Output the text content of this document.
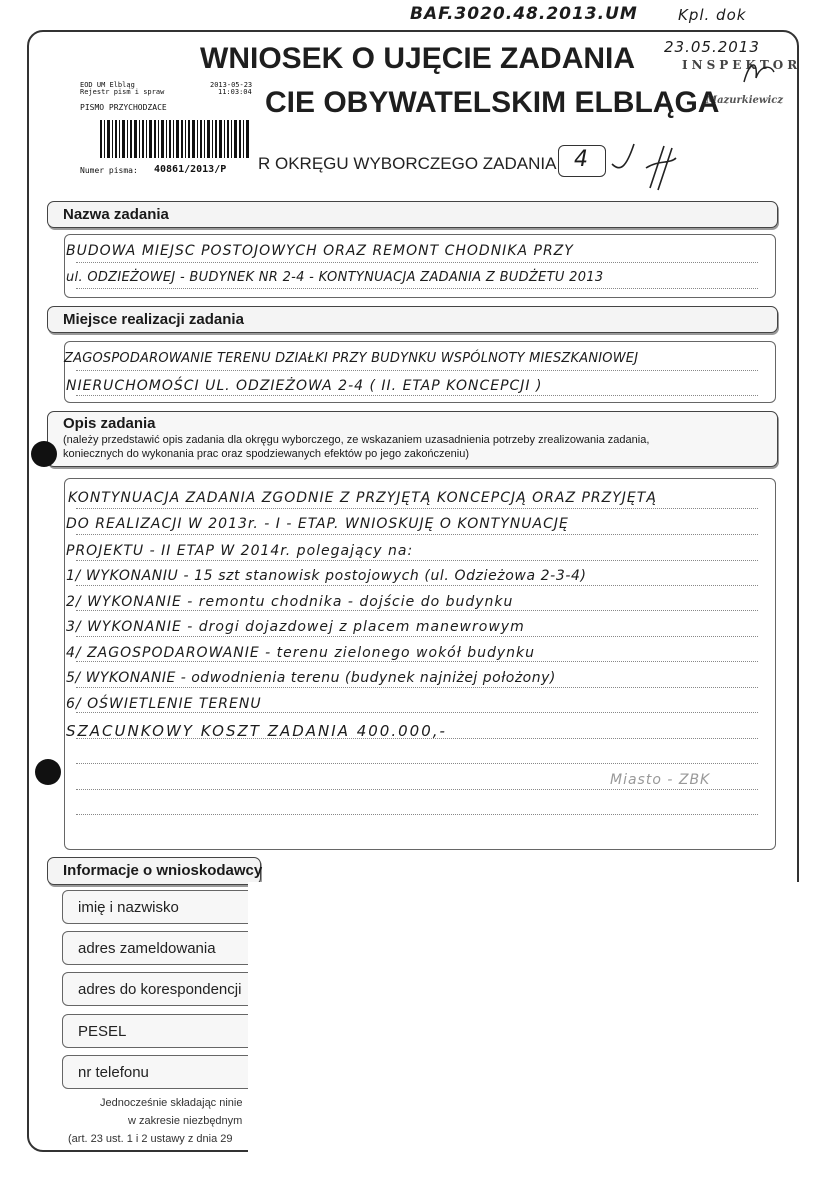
BAF.3020.48.2013.UM	Kpl. dok
23.05.2013
INSPEKTOR
Mazurkiewicz
WNIOSEK O UJĘCIE ZADANIA
CIE OBYWATELSKIM ELBLĄGA
EOD UM Elbląg
Rejestr pism i spraw
2013-05-23
11:03:04
PISMO PRZYCHODZACE
Numer pisma: 40861/2013/P R OKRĘGU WYBORCZEGO ZADANIA 4
Nazwa zadania
BUDOWA MIEJSC POSTOJOWYCH ORAZ REMONT CHODNIKA PRZY
ul. ODZIEŻOWEJ - BUDYNEK NR 2-4 - KONTYNUACJA ZADANIA Z BUDŻETU 2013
Miejsce realizacji zadania
ZAGOSPODAROWANIE TERENU DZIAŁKI PRZY BUDYNKU WSPÓLNOTY MIESZKANIOWEJ
NIERUCHOMOŚCI UL. ODZIEŻOWA 2-4 ( II. ETAP KONCEPCJI )
Opis zadania
(należy przedstawić opis zadania dla okręgu wyborczego, ze wskazaniem uzasadnienia potrzeby zrealizowania zadania,
koniecznych do wykonania prac oraz spodziewanych efektów po jego zakończeniu)
KONTYNUACJA ZADANIA ZGODNIE Z PRZYJĘTĄ KONCEPCJĄ ORAZ PRZYJĘTĄ
DO REALIZACJI W 2013r. - I - ETAP. WNIOSKUJĘ O KONTYNUACJĘ
PROJEKTU - II ETAP W 2014r. polegający na:
1/ WYKONANIU - 15 szt stanowisk postojowych (ul. Odzieżowa 2-3-4)
2/ WYKONANIE - remontu chodnika - dojście do budynku
3/ WYKONANIE - drogi dojazdowej z placem manewrowym
4/ ZAGOSPODAROWANIE - terenu zielonego wokół budynku
5/ WYKONANIE - odwodnienia terenu (budynek najniżej położony)
6/ OŚWIETLENIE TERENU
SZACUNKOWY KOSZT ZADANIA 400.000,-
Miasto - ZBK
Informacje o wnioskodawcy
imię i nazwisko
adres zameldowania
adres do korespondencji
PESEL
nr telefonu
Jednocześnie składając ninie
w zakresie niezbędnym
(art. 23 ust. 1 i 2 ustawy z dnia 29
